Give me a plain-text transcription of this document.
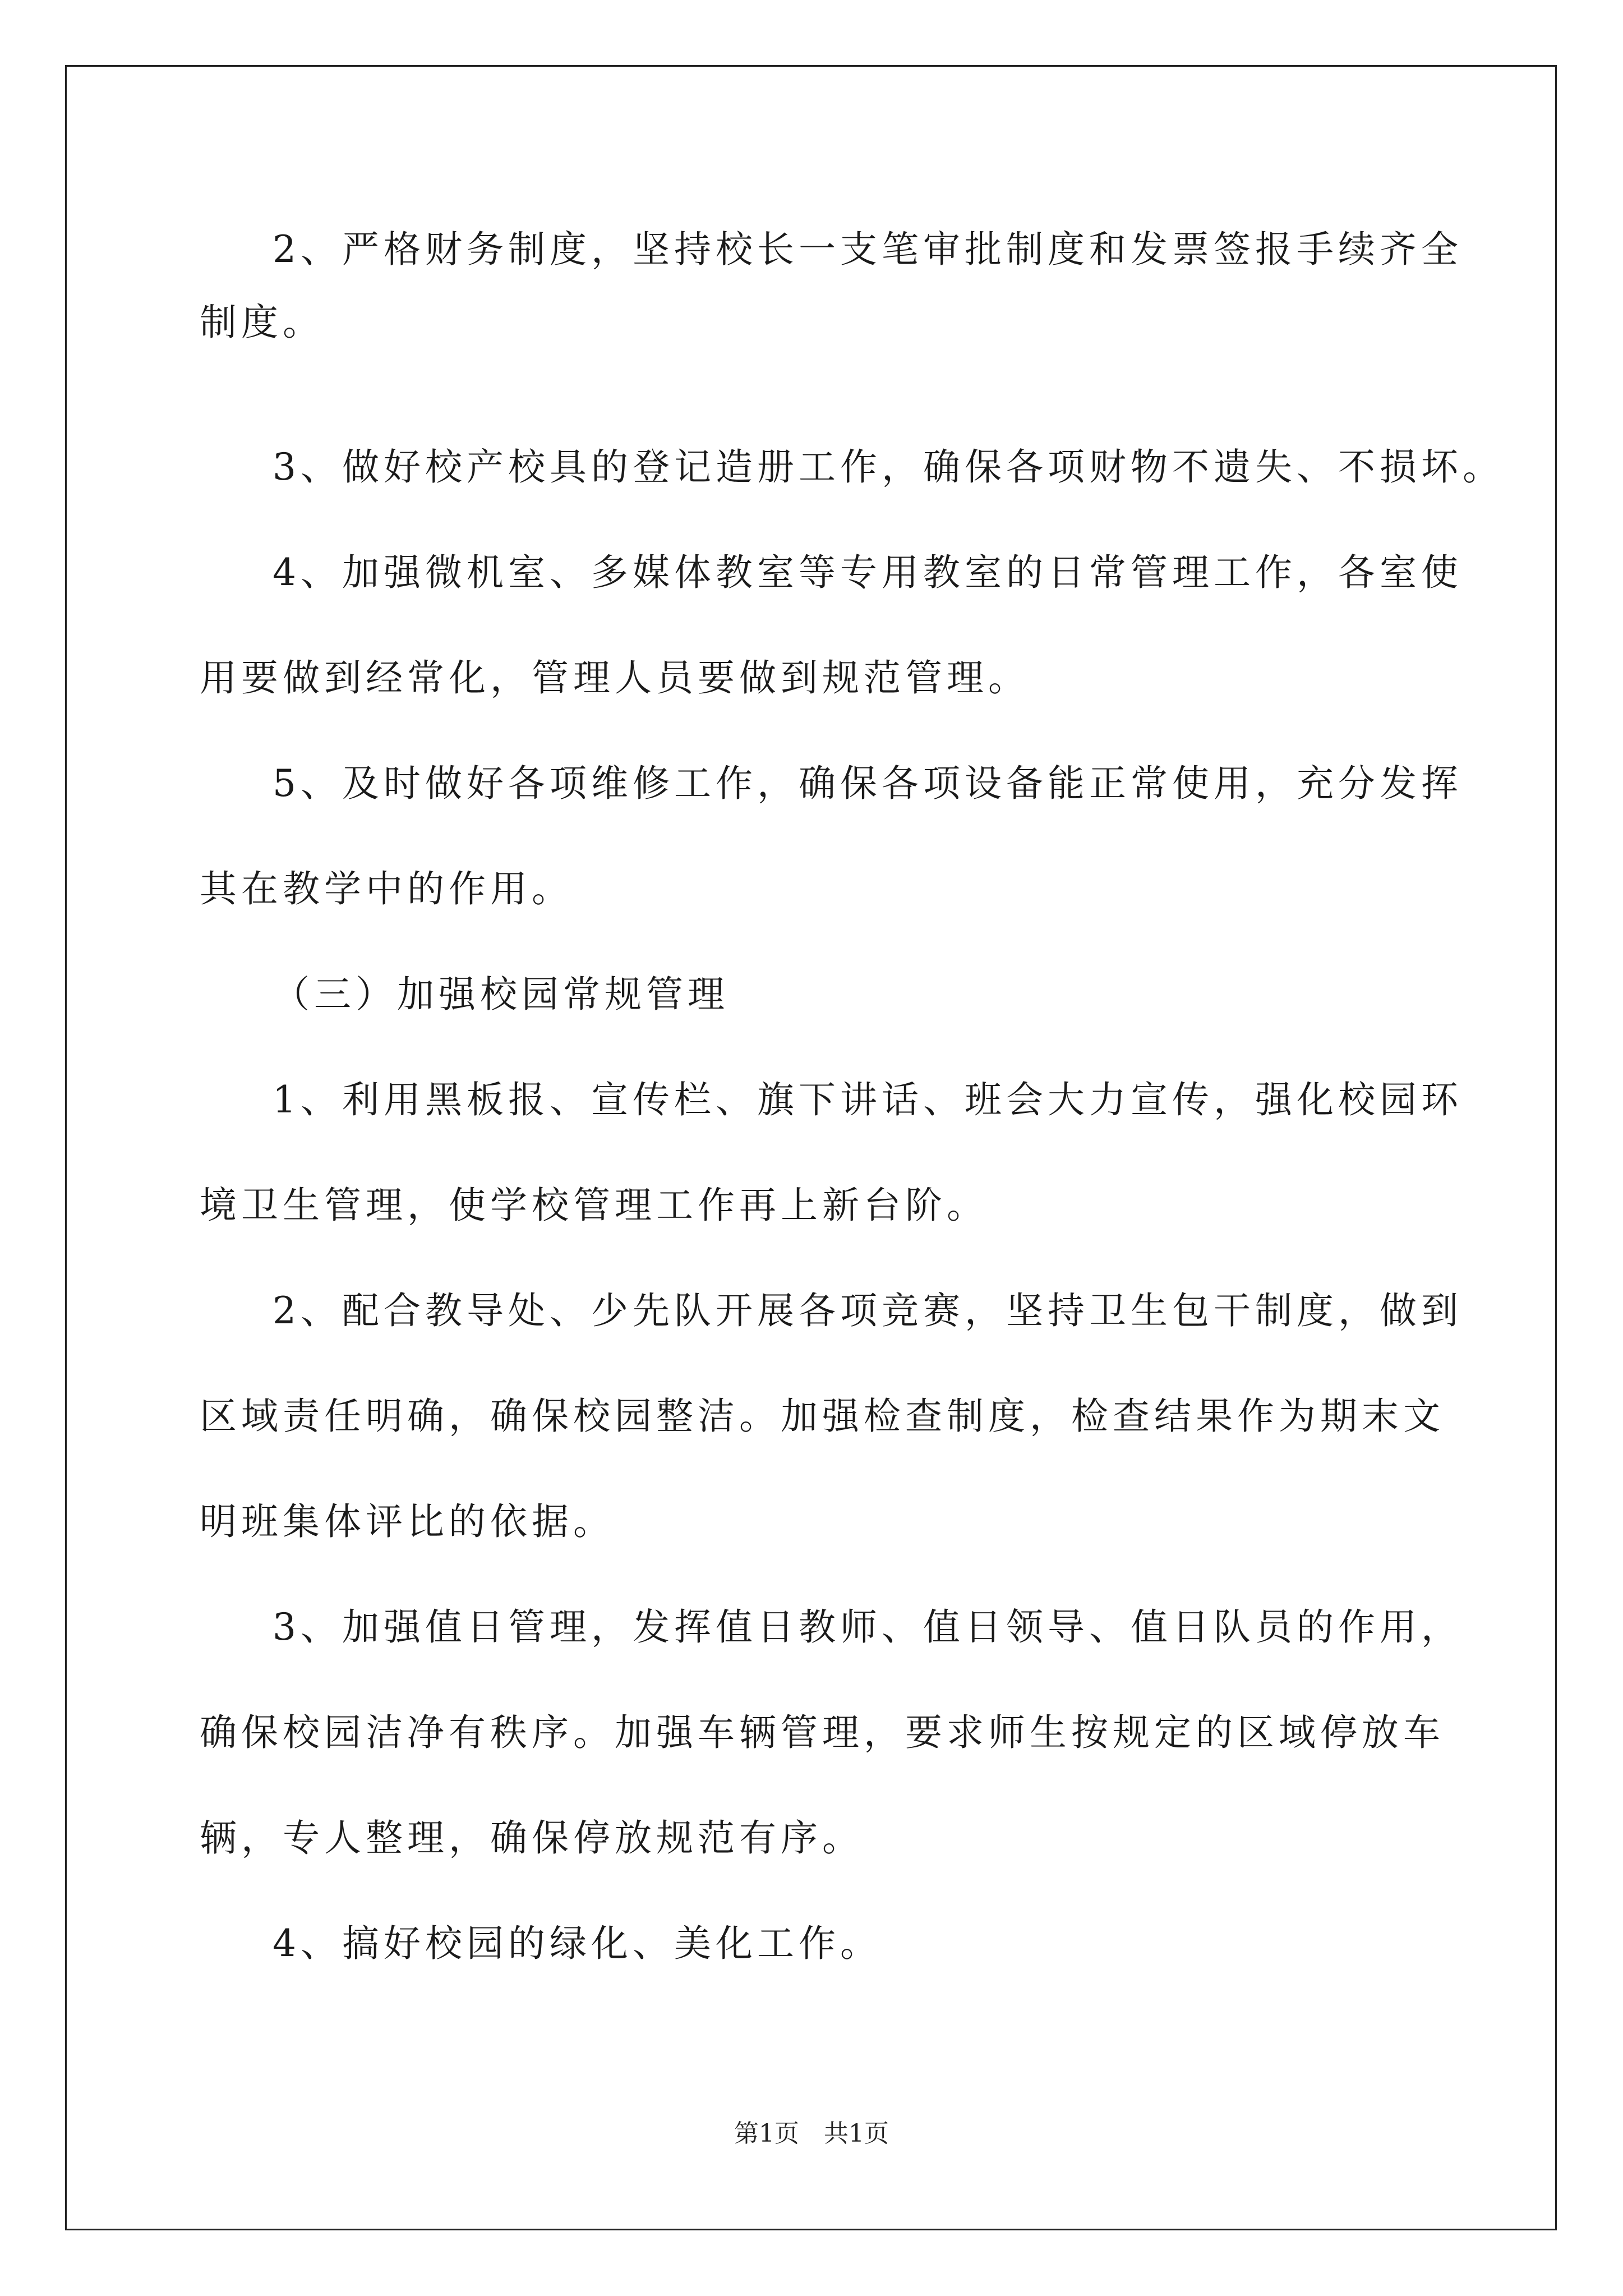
2、严格财务制度，坚持校长一支笔审批制度和发票签报手续齐全
制度。
3、做好校产校具的登记造册工作，确保各项财物不遗失、不损坏。
4、加强微机室、多媒体教室等专用教室的日常管理工作，各室使
用要做到经常化，管理人员要做到规范管理。
5、及时做好各项维修工作，确保各项设备能正常使用，充分发挥
其在教学中的作用。
（三）加强校园常规管理
1、利用黑板报、宣传栏、旗下讲话、班会大力宣传，强化校园环
境卫生管理，使学校管理工作再上新台阶。
2、配合教导处、少先队开展各项竞赛，坚持卫生包干制度，做到
区域责任明确，确保校园整洁。加强检查制度，检查结果作为期末文
明班集体评比的依据。
3、加强值日管理，发挥值日教师、值日领导、值日队员的作用，
确保校园洁净有秩序。加强车辆管理，要求师生按规定的区域停放车
辆，专人整理，确保停放规范有序。
4、搞好校园的绿化、美化工作。
第1页　共1页
